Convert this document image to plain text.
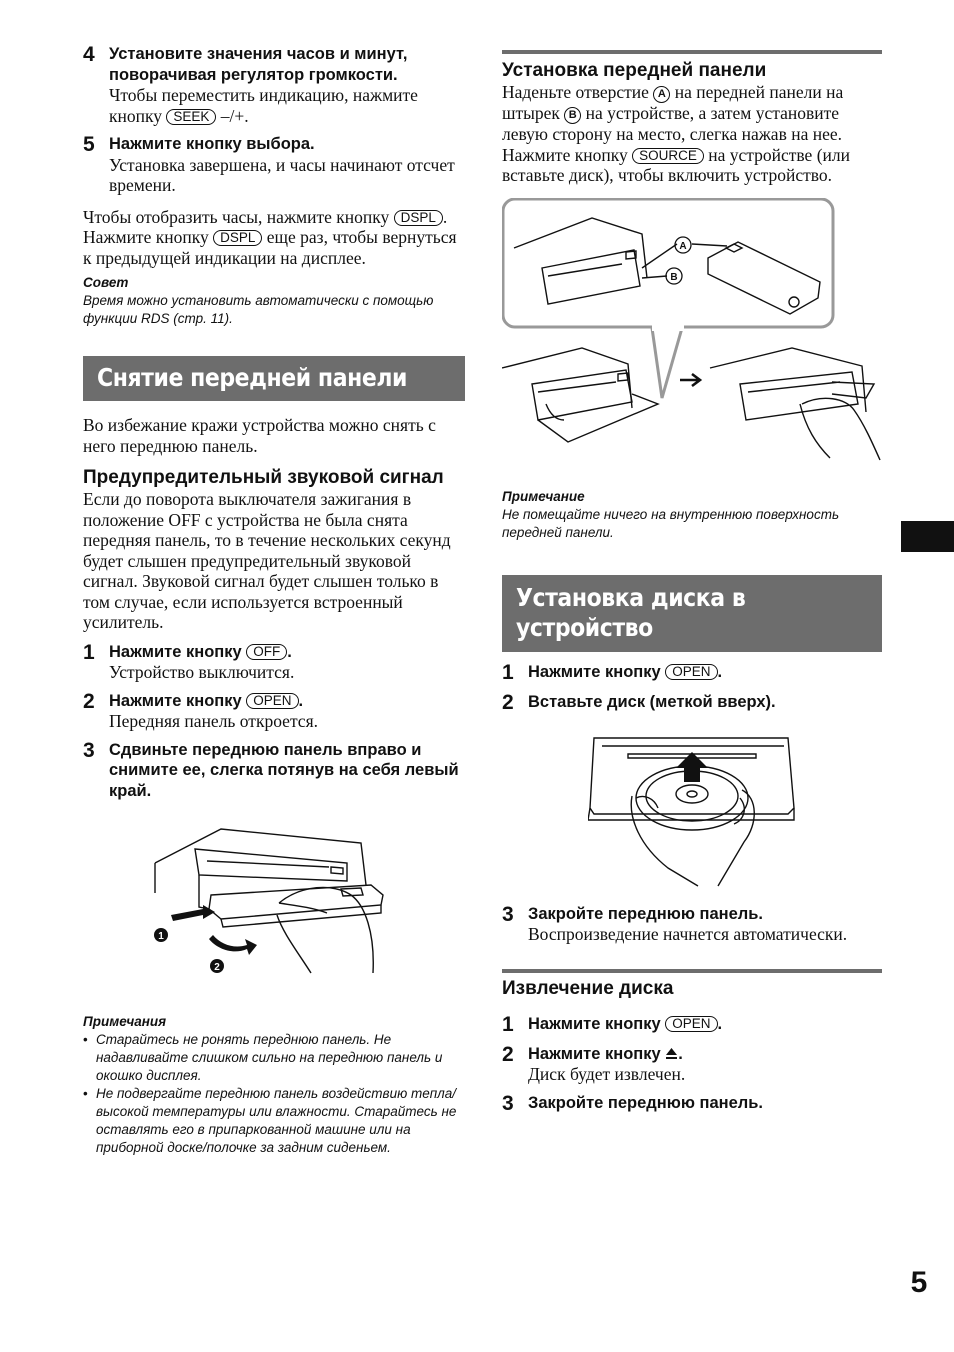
4 Установите значения часов и минут, поворачивая регулятор громкости.
Чтобы переместить индикацию, нажмите кнопку SEEK –/+.
5 Нажмите кнопку выбора.
Установка завершена, и часы начинают отсчет времени.
Чтобы отобразить часы, нажмите кнопку DSPL . Нажмите кнопку DSPL еще раз, чтобы вернуться к предыдущей индикации на дисплее.
Совет
Время можно установить автоматически с помощью функции RDS (стр. 11).
Снятие передней панели
Во избежание кражи устройства можно снять с него переднюю панель.
Предупредительный звуковой сигнал
Если до поворота выключателя зажигания в положение OFF с устройства не была снята передняя панель, то в течение нескольких секунд будет слышен предупредительный звуковой сигнал. Звуковой сигнал будет слышен только в том случае, если используется встроенный усилитель.
1 Нажмите кнопку OFF .
Устройство выключится.
2 Нажмите кнопку OPEN .
Передняя панель откроется.
3 Сдвиньте переднюю панель вправо и снимите ее, слегка потянув на себя левый край.
1
2
Примечания
• Старайтесь не ронять переднюю панель. Не надавливайте слишком сильно на переднюю панель и окошко дисплея.
• Не подвергайте переднюю панель воздействию тепла/высокой температуры или влажности. Старайтесь не оставлять его в припаркованной машине или на приборной доске/полочке за задним сиденьем.
Установка передней панели
Наденьте отверстие A на передней панели на штырек B на устройстве, а затем установите левую сторону на место, слегка нажав на нее.
Нажмите кнопку SOURCE на устройстве (или вставьте диск), чтобы включить устройство.
A
B
Примечание
Не помещайте ничего на внутреннюю поверхность передней панели.
Установка диска в
устройство
1 Нажмите кнопку OPEN .
2 Вставьте диск (меткой вверх).
3 Закройте переднюю панель.
Воспроизведение начнется автоматически.
Извлечение диска
1 Нажмите кнопку OPEN .
2 Нажмите кнопку .
Диск будет извлечен.
3 Закройте переднюю панель.
5
